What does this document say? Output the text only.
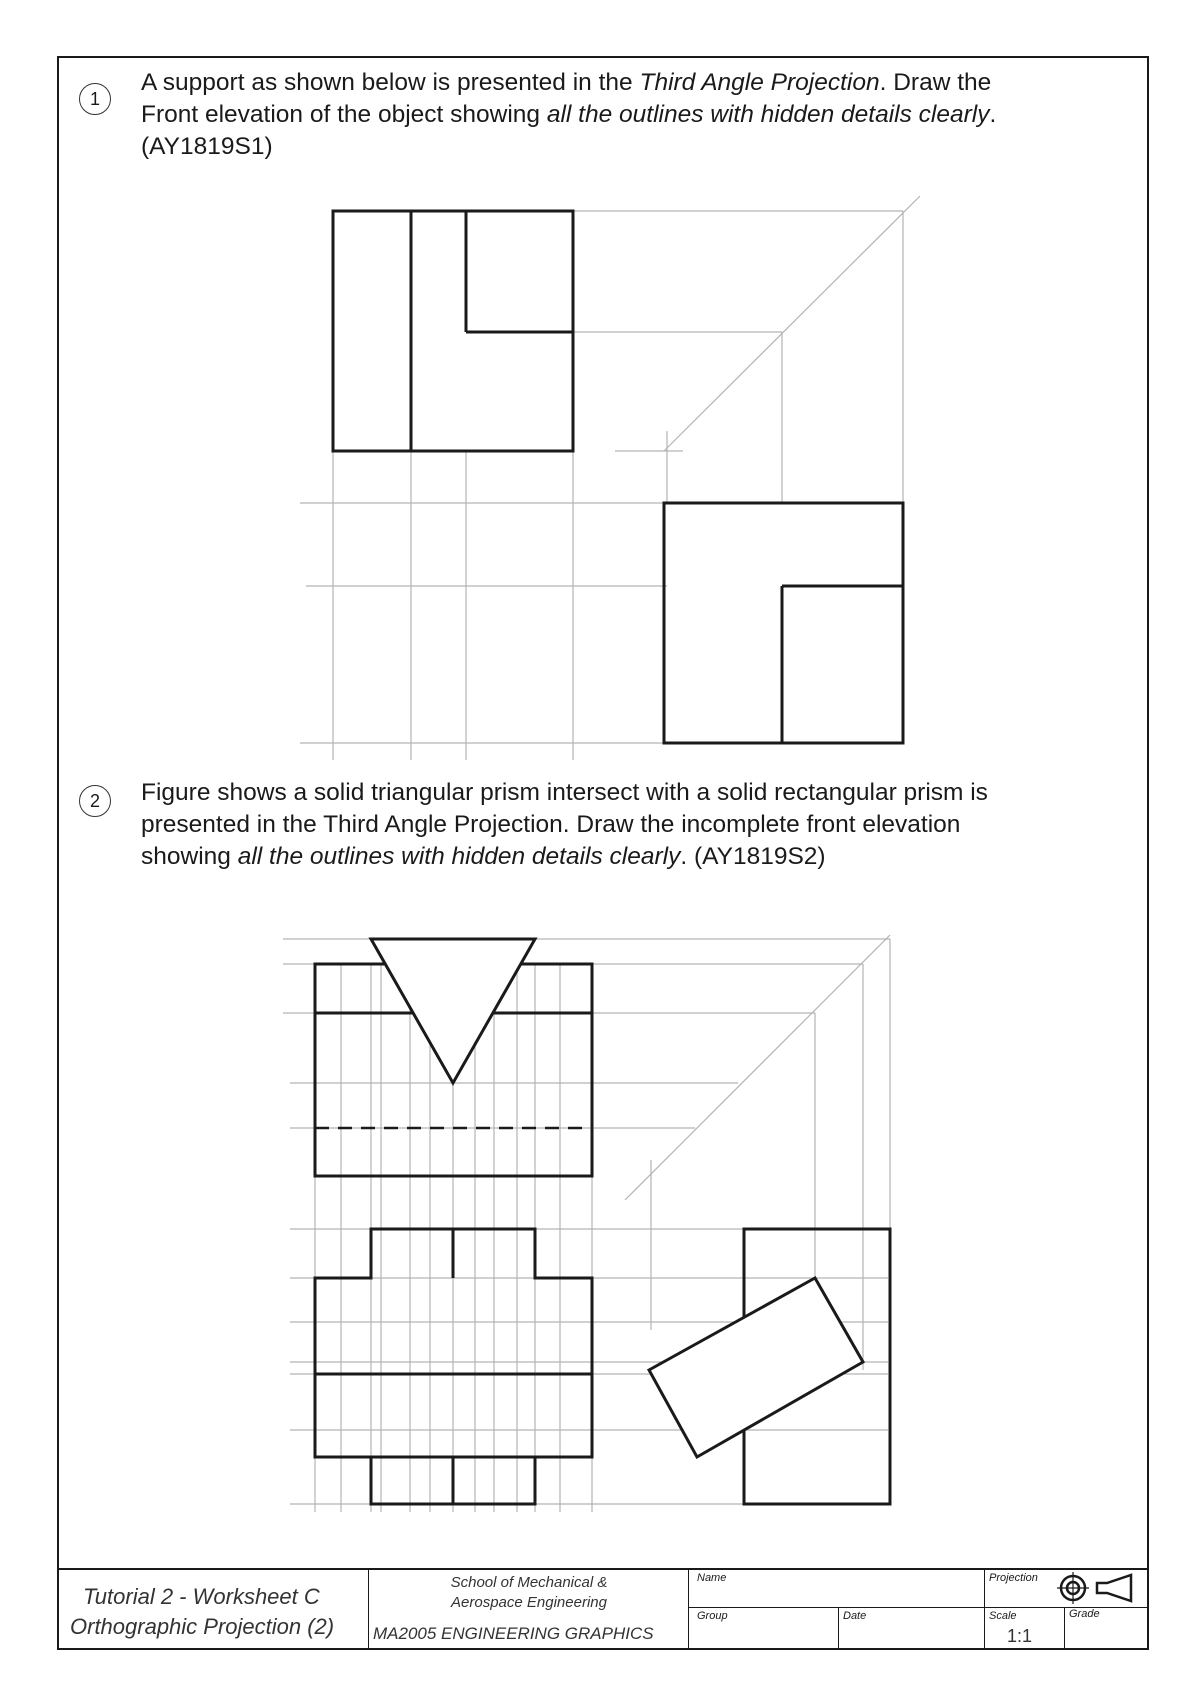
1

A support as shown below is presented in the Third Angle Projection. Draw the

Front elevation of the object showing all the outlines with hidden details clearly.

(AY1819S1)

2	Figure shows a solid triangular prism intersect with a solid rectangular prism is

presented in the Third Angle Projection. Draw the incomplete front elevation

showing all the outlines with hidden details clearly. (AY1819S2)

Tutorial 2 - Worksheet C
Orthographic Projection (2)
School of Mechanical &
Aerospace Engineering
MA2005 ENGINEERING GRAPHICS
Name
Group	Date
Projection
Scale
1:1
Grade
